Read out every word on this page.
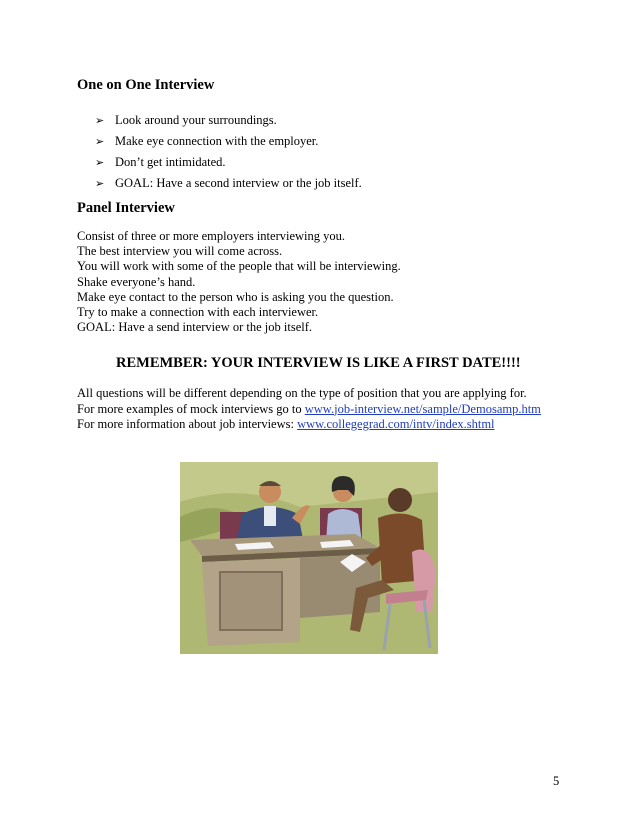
One on One Interview
➢ Look around your surroundings.
➢ Make eye connection with the employer.
➢ Don’t get intimidated.
➢ GOAL: Have a second interview or the job itself.
Panel Interview
Consist of three or more employers interviewing you.
The best interview you will come across.
You will work with some of the people that will be interviewing.
Shake everyone’s hand.
Make eye contact to the person who is asking you the question.
Try to make a connection with each interviewer.
GOAL: Have a send interview or the job itself.
REMEMBER: YOUR INTERVIEW IS LIKE A FIRST DATE!!!!
All questions will be different depending on the type of position that you are applying for.
For more examples of mock interviews go to www.job-interview.net/sample/Demosamp.htm
For more information about job interviews: www.collegegrad.com/intv/index.shtml
5
